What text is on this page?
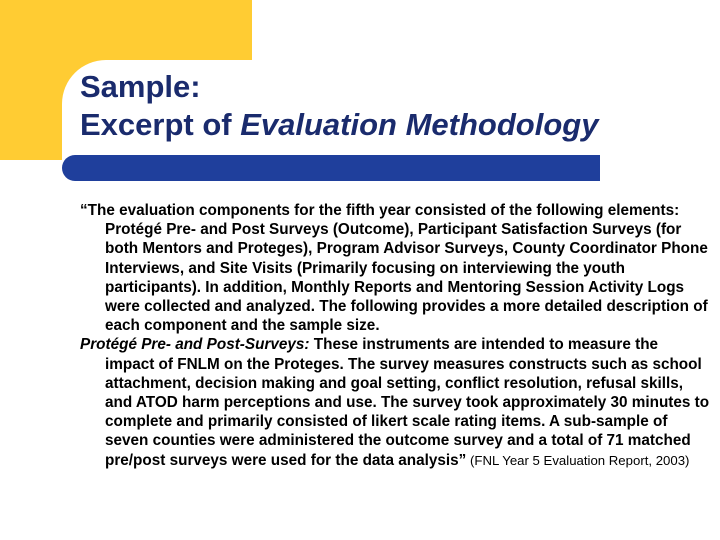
Sample:
Excerpt of Evaluation Methodology

“The evaluation components for the fifth year consisted of the following elements: Protégé Pre- and Post Surveys (Outcome), Participant Satisfaction Surveys (for both Mentors and Proteges), Program Advisor Surveys, County Coordinator Phone Interviews, and Site Visits (Primarily focusing on interviewing the youth participants). In addition, Monthly Reports and Mentoring Session Activity Logs were collected and analyzed. The following provides a more detailed description of each component and the sample size.

Protégé Pre- and Post-Surveys: These instruments are intended to measure the impact of FNLM on the Proteges. The survey measures constructs such as school attachment, decision making and goal setting, conflict resolution, refusal skills, and ATOD harm perceptions and use. The survey took approximately 30 minutes to complete and primarily consisted of likert scale rating items. A sub-sample of seven counties were administered the outcome survey and a total of 71 matched pre/post surveys were used for the data analysis” (FNL Year 5 Evaluation Report, 2003)
